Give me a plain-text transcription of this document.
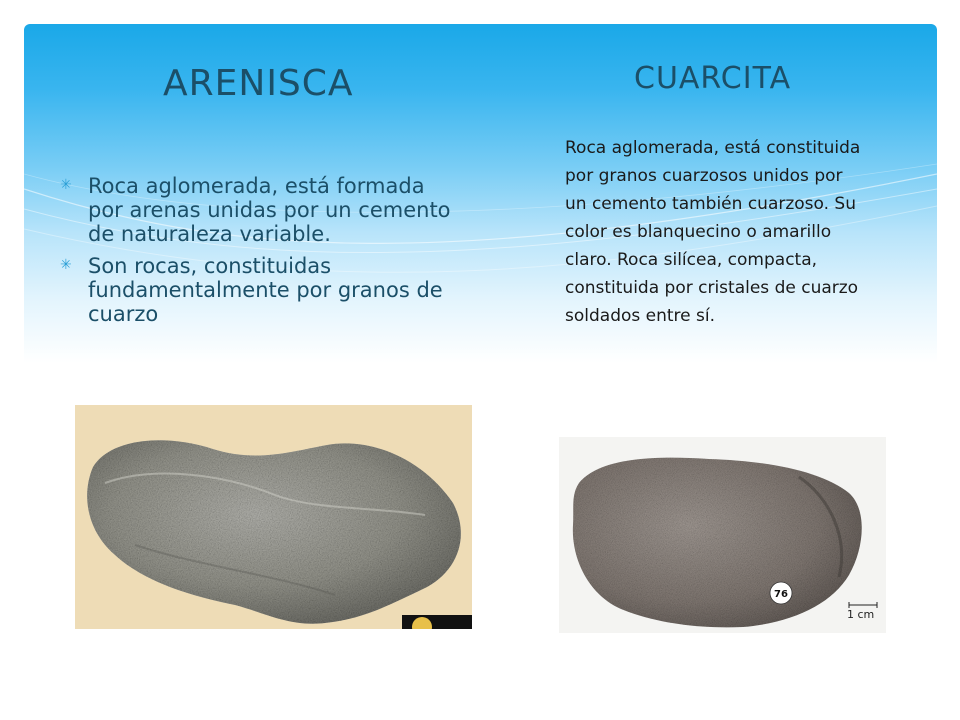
ARENISCA	CUARCITA
✳ Roca aglomerada, está formada por arenas unidas por un cemento de naturaleza variable.
✳ Son rocas, constituidas fundamentalmente por granos de cuarzo

Roca aglomerada, está constituida por granos cuarzosos unidos por un cemento también cuarzoso. Su color es blanquecino o amarillo claro. Roca silícea, compacta, constituida por cristales de cuarzo soldados entre sí.

76
1 cm
